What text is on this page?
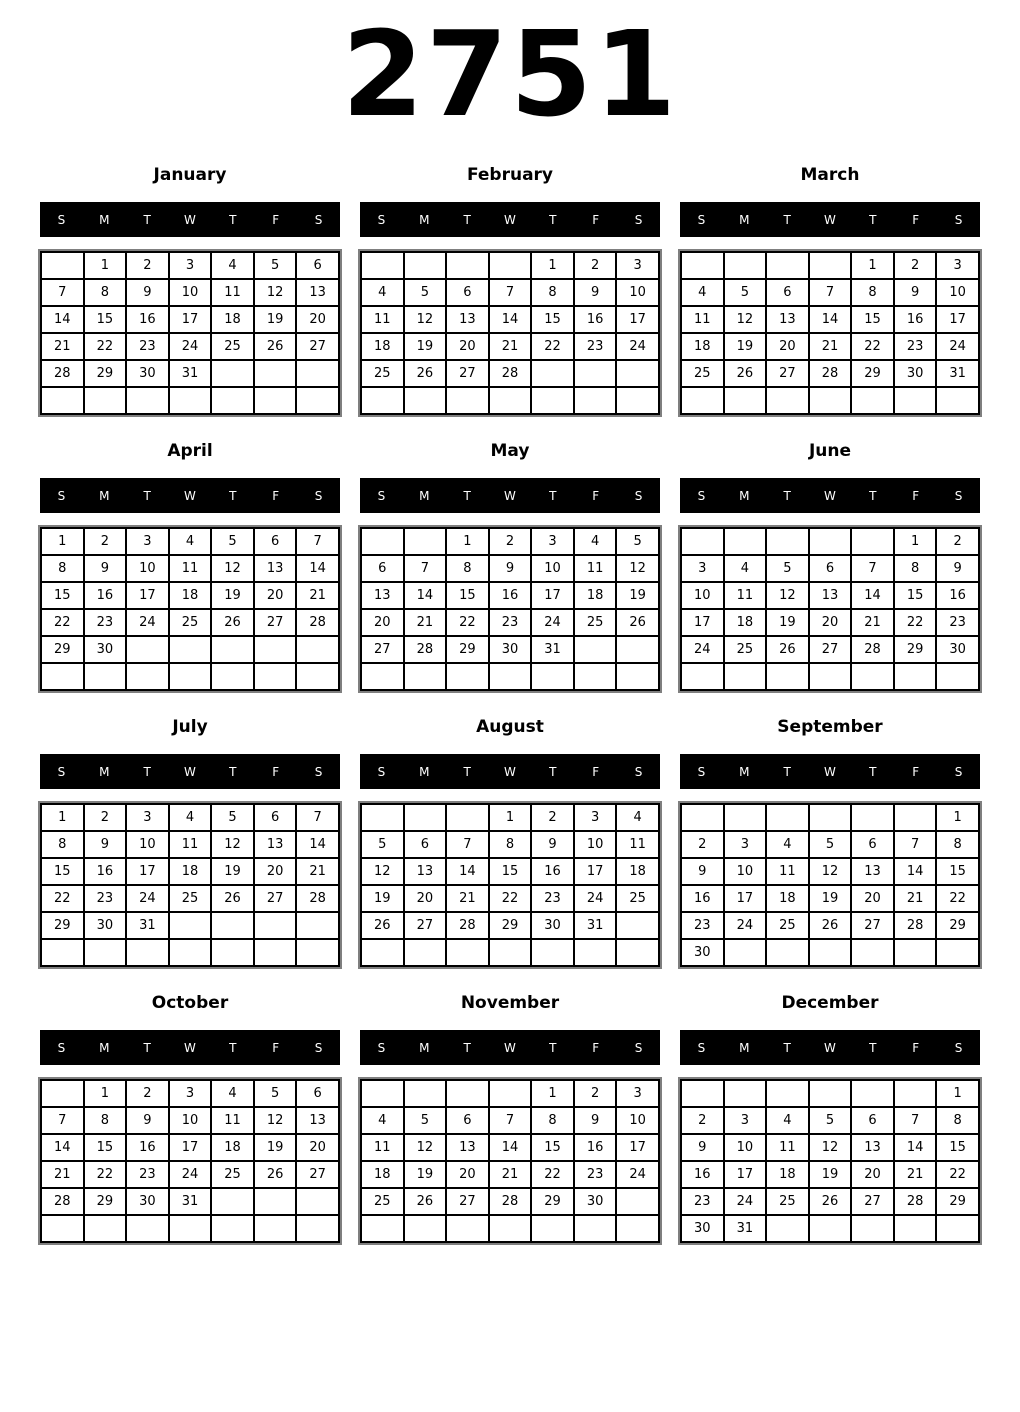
2751
January
S	M	T	W	T	F	S
	1	2	3	4	5	6
7	8	9	10	11	12	13
14	15	16	17	18	19	20
21	22	23	24	25	26	27
28	29	30	31			

February
S	M	T	W	T	F	S
				1	2	3
4	5	6	7	8	9	10
11	12	13	14	15	16	17
18	19	20	21	22	23	24
25	26	27	28			

March
S	M	T	W	T	F	S
				1	2	3
4	5	6	7	8	9	10
11	12	13	14	15	16	17
18	19	20	21	22	23	24
25	26	27	28	29	30	31

April
S	M	T	W	T	F	S
1	2	3	4	5	6	7
8	9	10	11	12	13	14
15	16	17	18	19	20	21
22	23	24	25	26	27	28
29	30					

May
S	M	T	W	T	F	S
		1	2	3	4	5
6	7	8	9	10	11	12
13	14	15	16	17	18	19
20	21	22	23	24	25	26
27	28	29	30	31		

June
S	M	T	W	T	F	S
					1	2
3	4	5	6	7	8	9
10	11	12	13	14	15	16
17	18	19	20	21	22	23
24	25	26	27	28	29	30

July
S	M	T	W	T	F	S
1	2	3	4	5	6	7
8	9	10	11	12	13	14
15	16	17	18	19	20	21
22	23	24	25	26	27	28
29	30	31				

August
S	M	T	W	T	F	S
			1	2	3	4
5	6	7	8	9	10	11
12	13	14	15	16	17	18
19	20	21	22	23	24	25
26	27	28	29	30	31	

September
S	M	T	W	T	F	S
						1
2	3	4	5	6	7	8
9	10	11	12	13	14	15
16	17	18	19	20	21	22
23	24	25	26	27	28	29
30						
October
S	M	T	W	T	F	S
	1	2	3	4	5	6
7	8	9	10	11	12	13
14	15	16	17	18	19	20
21	22	23	24	25	26	27
28	29	30	31			

November
S	M	T	W	T	F	S
				1	2	3
4	5	6	7	8	9	10
11	12	13	14	15	16	17
18	19	20	21	22	23	24
25	26	27	28	29	30	

December
S	M	T	W	T	F	S
						1
2	3	4	5	6	7	8
9	10	11	12	13	14	15
16	17	18	19	20	21	22
23	24	25	26	27	28	29
30	31					
